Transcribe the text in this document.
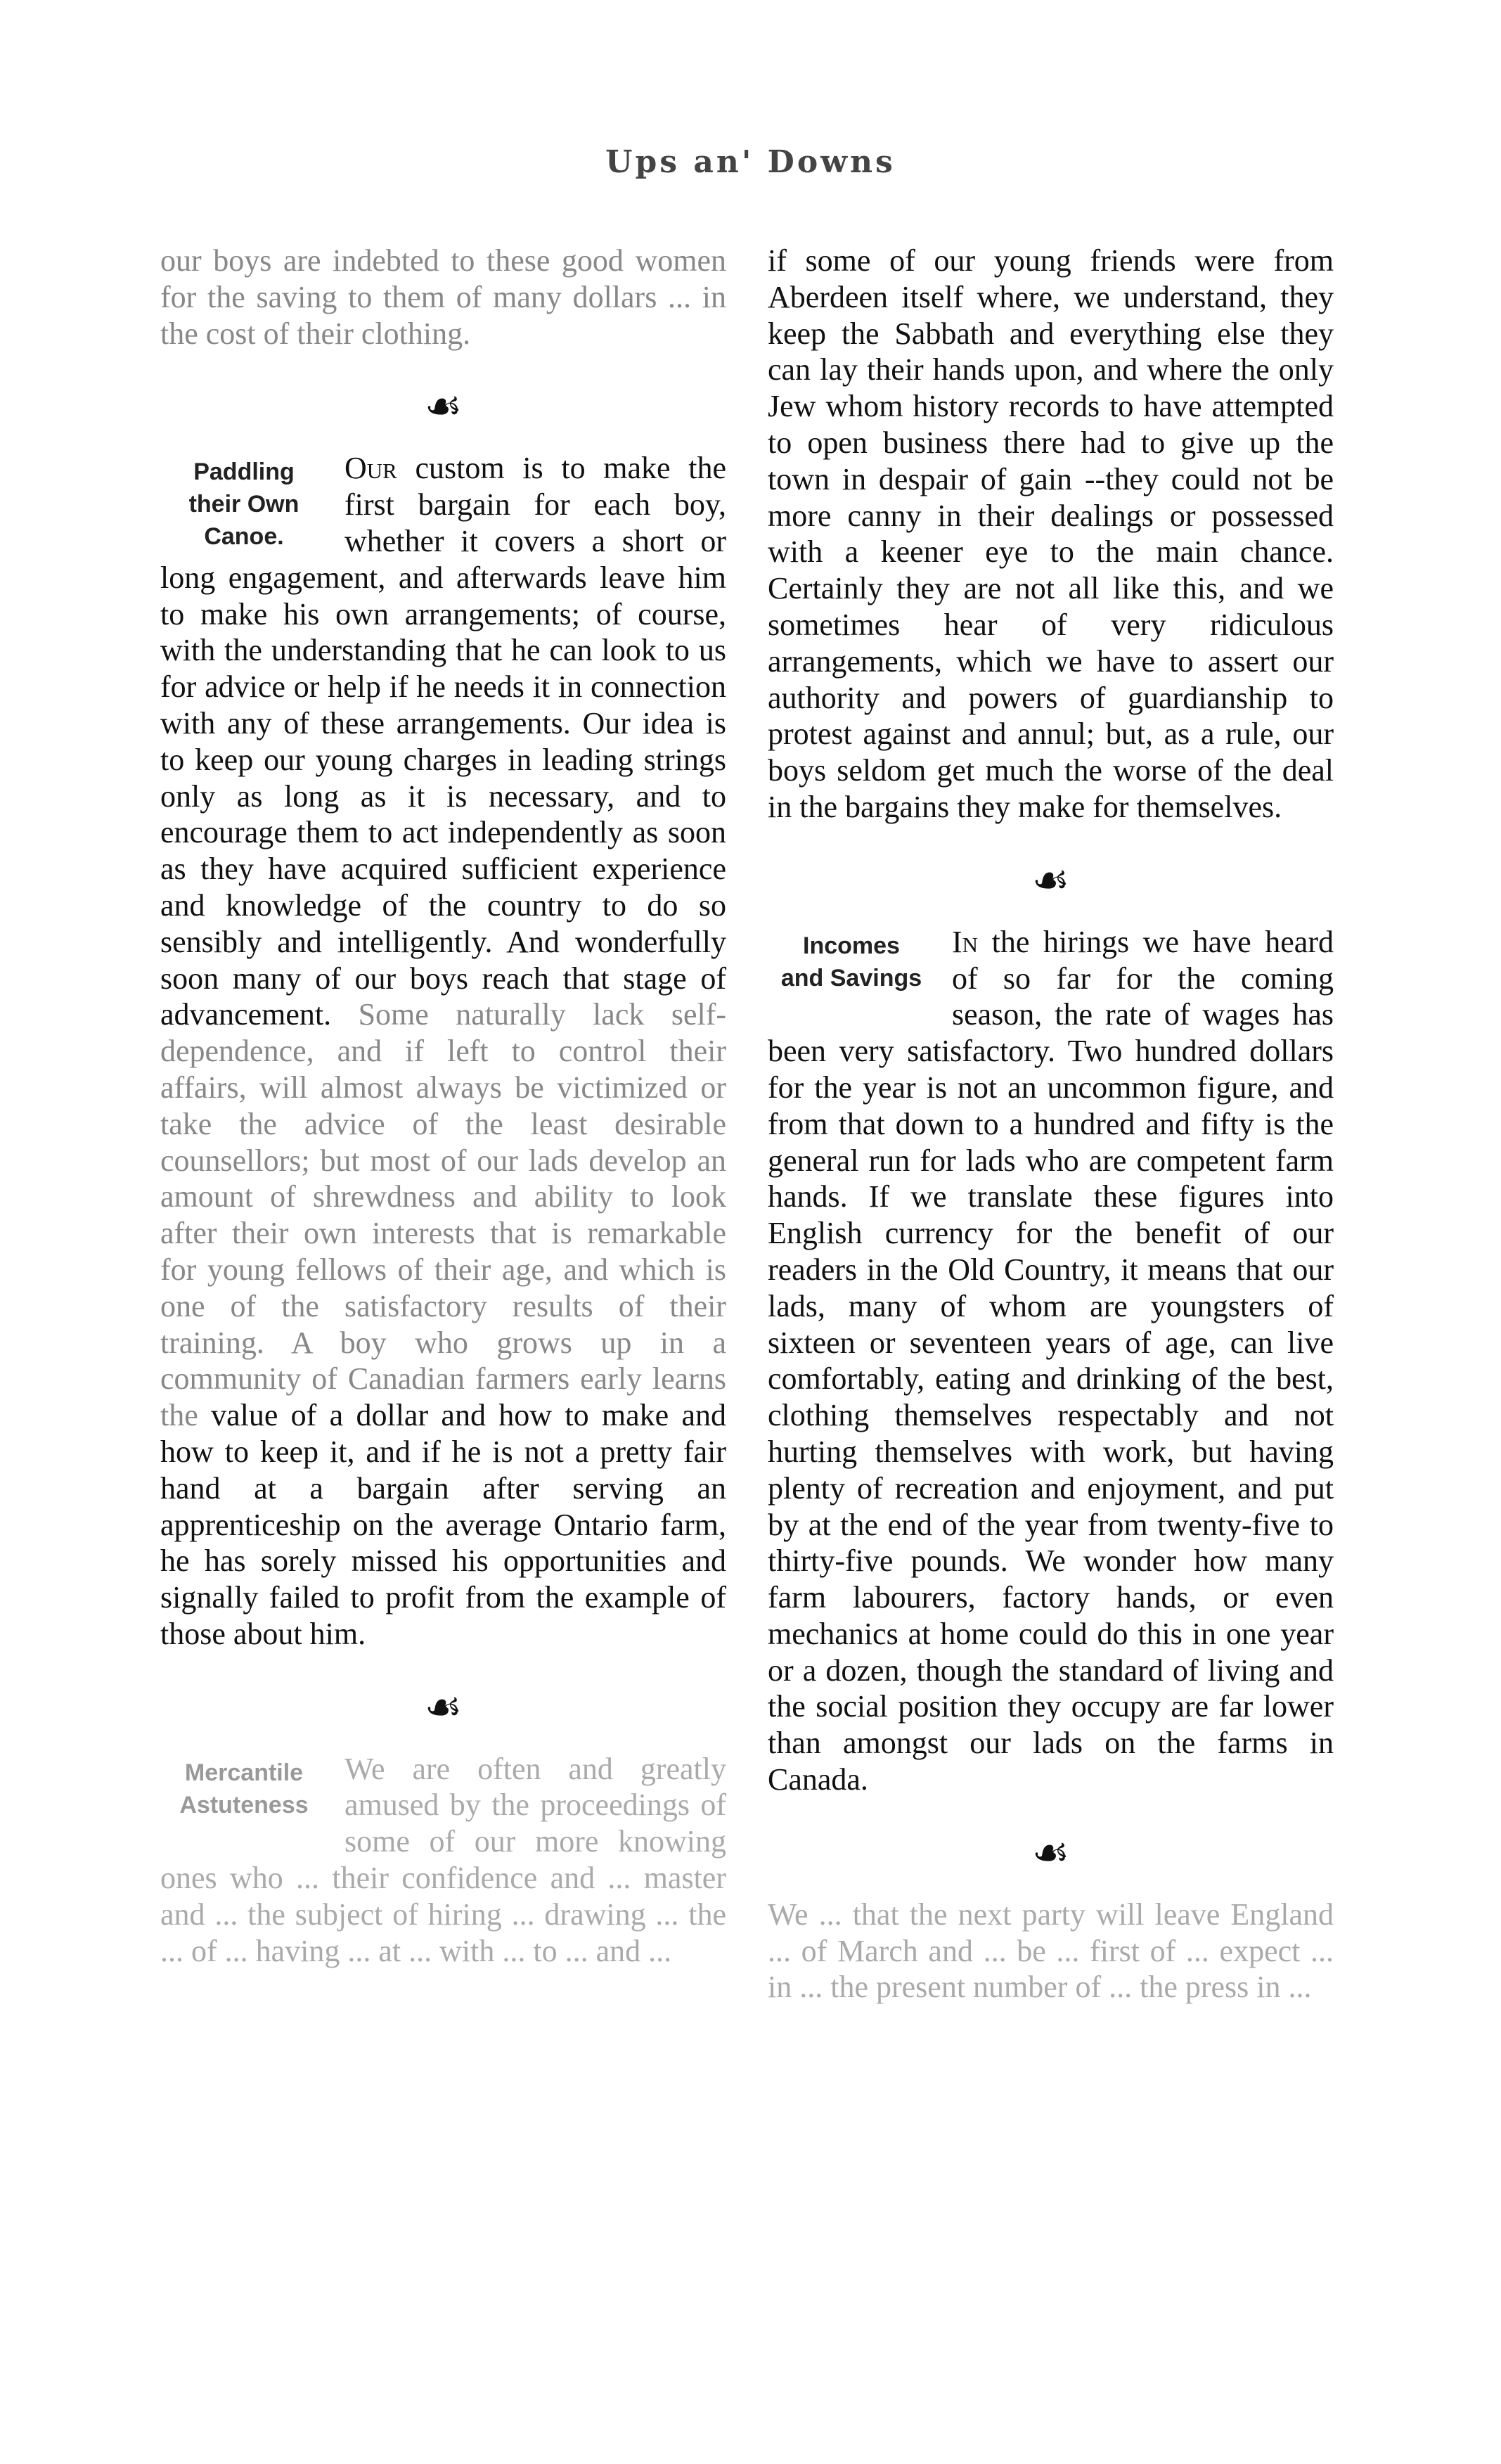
Ups an' Downs

our boys are indebted to these good women for the saving to them of many dollars ... in the cost of their clothing.

☙
Paddling
their Own
Canoe.

Our custom is to make the first bargain for each boy, whether it covers a short or long engagement, and afterwards leave him to make his own arrangements; of course, with the understanding that he can look to us for advice or help if he needs it in connection with any of these arrangements. Our idea is to keep our young charges in leading strings only as long as it is necessary, and to encourage them to act independently as soon as they have acquired sufficient experience and knowledge of the country to do so sensibly and intelligently. And wonderfully soon many of our boys reach that stage of advancement. Some naturally lack self-dependence, and if left to control their affairs, will almost always be victimized or take the advice of the least desirable counsellors; but most of our lads develop an amount of shrewdness and ability to look after their own interests that is remarkable for young fellows of their age, and which is one of the satisfactory results of their training. A boy who grows up in a community of Canadian farmers early learns the value of a dollar and how to make and how to keep it, and if he is not a pretty fair hand at a bargain after serving an apprenticeship on the average Ontario farm, he has sorely missed his opportunities and signally failed to profit from the example of those about him.

☙
Mercantile
Astuteness

We are often and greatly amused by the proceedings of some of our more knowing ones who ... their confidence and ... master and ... the subject of hiring ... drawing ... the ... of ... having ... at ... with ... to ... and ...

if some of our young friends were from Aberdeen itself where, we understand, they keep the Sabbath and everything else they can lay their hands upon, and where the only Jew whom history records to have attempted to open business there had to give up the town in despair of gain --they could not be more canny in their dealings or possessed with a keener eye to the main chance. Certainly they are not all like this, and we sometimes hear of very ridiculous arrangements, which we have to assert our authority and powers of guardianship to protest against and annul; but, as a rule, our boys seldom get much the worse of the deal in the bargains they make for themselves.

☙
Incomes
and Savings

In the hirings we have heard of so far for the coming season, the rate of wages has been very satisfactory. Two hundred dollars for the year is not an uncommon figure, and from that down to a hundred and fifty is the general run for lads who are competent farm hands. If we translate these figures into English currency for the benefit of our readers in the Old Country, it means that our lads, many of whom are youngsters of sixteen or seventeen years of age, can live comfortably, eating and drinking of the best, clothing themselves respectably and not hurting themselves with work, but having plenty of recreation and enjoyment, and put by at the end of the year from twenty-five to thirty-five pounds. We wonder how many farm labourers, factory hands, or even mechanics at home could do this in one year or a dozen, though the standard of living and the social position they occupy are far lower than amongst our lads on the farms in Canada.

☙

We ... that the next party will leave England ... of March and ... be ... first of ... expect ... in ... the present number of ... the press in ...
